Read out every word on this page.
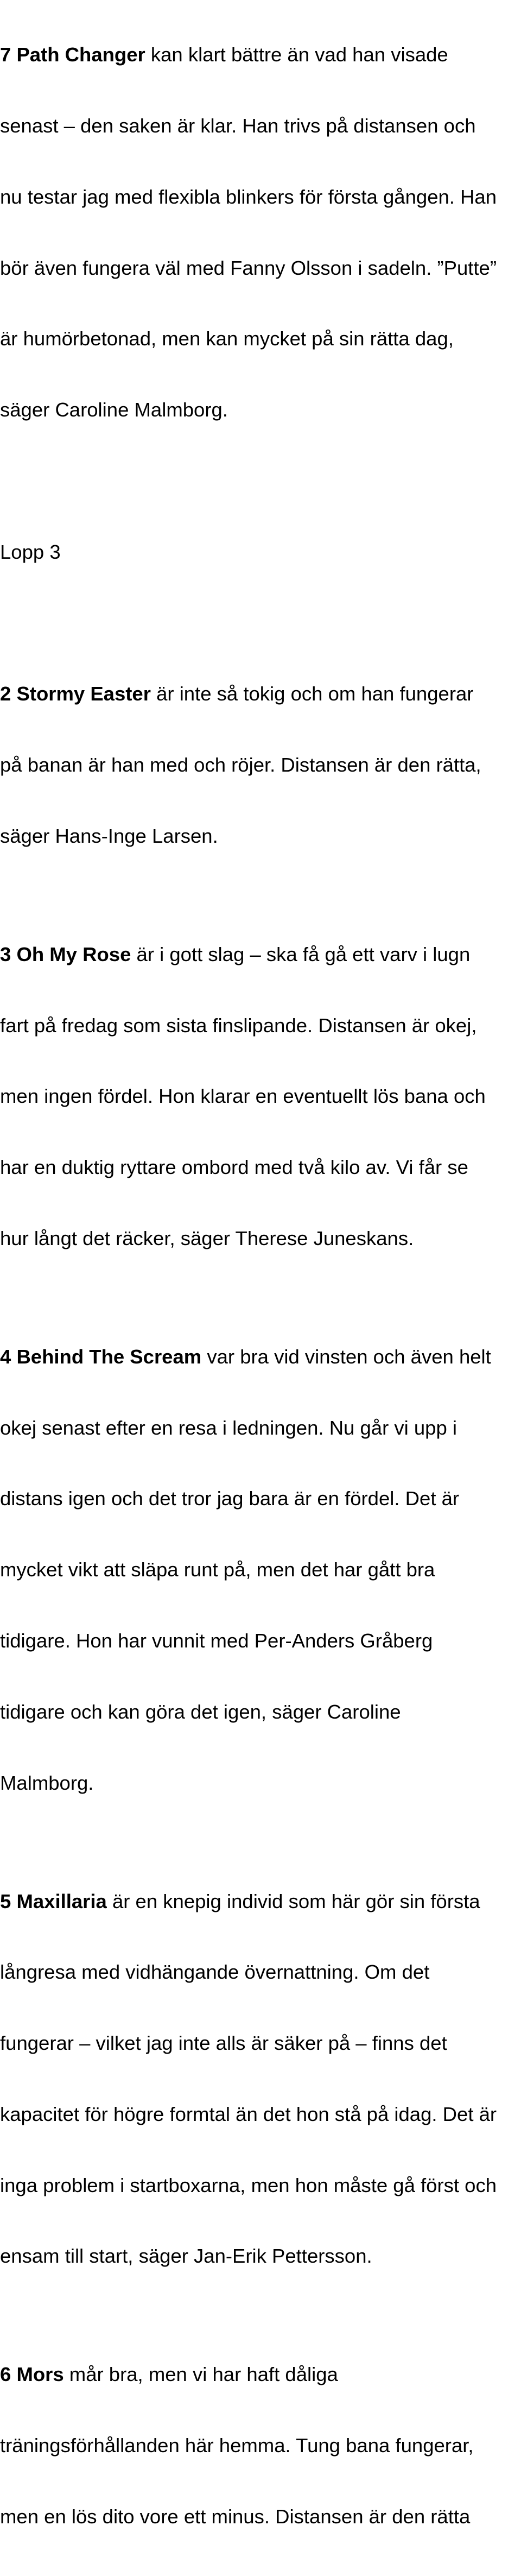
7 Path Changer kan klart bättre än vad han visade

senast – den saken är klar. Han trivs på distansen och

nu testar jag med flexibla blinkers för första gången. Han

bör även fungera väl med Fanny Olsson i sadeln. ”Putte”

är humörbetonad, men kan mycket på sin rätta dag,

säger Caroline Malmborg.

Lopp 3

2 Stormy Easter är inte så tokig och om han fungerar

på banan är han med och röjer. Distansen är den rätta,

säger Hans-Inge Larsen.

3 Oh My Rose är i gott slag – ska få gå ett varv i lugn

fart på fredag som sista finslipande. Distansen är okej,

men ingen fördel. Hon klarar en eventuellt lös bana och

har en duktig ryttare ombord med två kilo av. Vi får se

hur långt det räcker, säger Therese Juneskans.

4 Behind The Scream var bra vid vinsten och även helt

okej senast efter en resa i ledningen. Nu går vi upp i

distans igen och det tror jag bara är en fördel. Det är

mycket vikt att släpa runt på, men det har gått bra

tidigare. Hon har vunnit med Per-Anders Gråberg

tidigare och kan göra det igen, säger Caroline

Malmborg.

5 Maxillaria är en knepig individ som här gör sin första

långresa med vidhängande övernattning. Om det

fungerar – vilket jag inte alls är säker på – finns det

kapacitet för högre formtal än det hon stå på idag. Det är

inga problem i startboxarna, men hon måste gå först och

ensam till start, säger Jan-Erik Pettersson.

6 Mors mår bra, men vi har haft dåliga

träningsförhållanden här hemma. Tung bana fungerar,

men en lös dito vore ett minus. Distansen är den rätta
